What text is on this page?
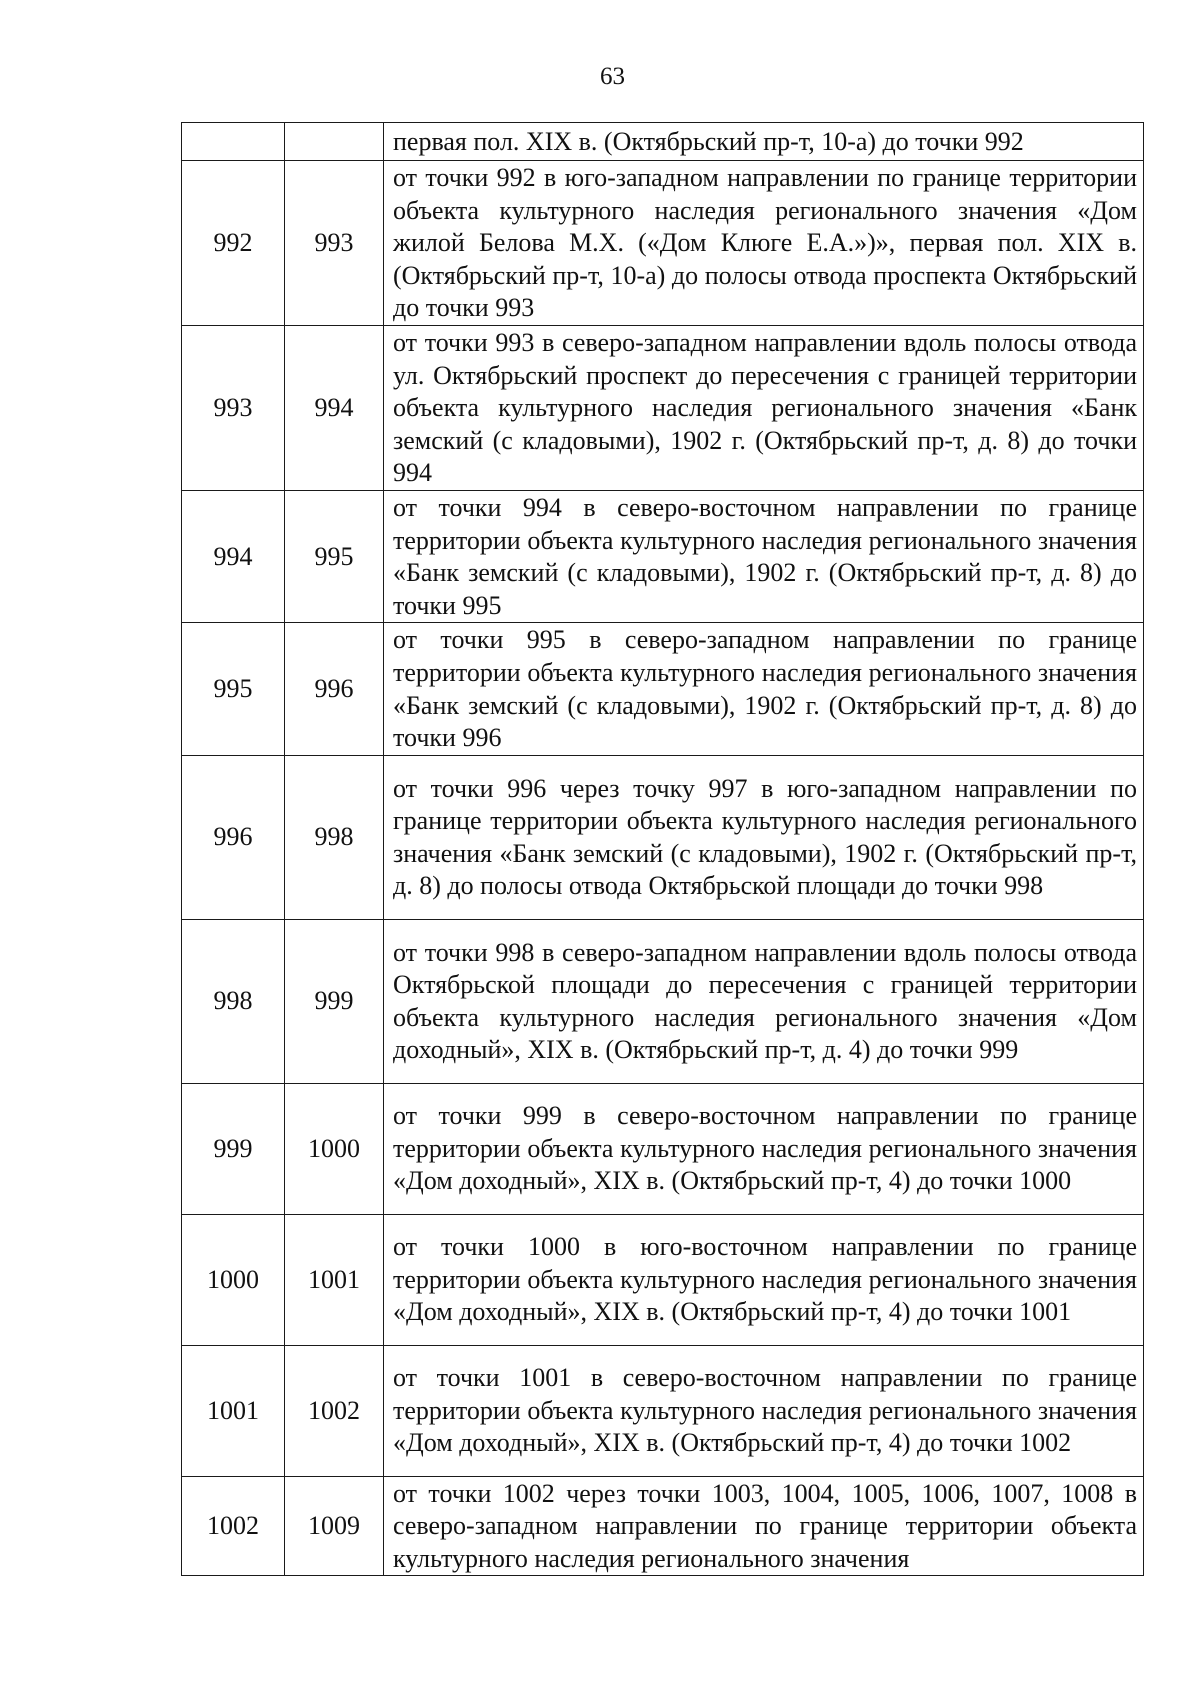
63
		первая пол. XIX в. (Октябрьский пр-т, 10-а) до точки 992
992	993	от точки 992 в юго-западном направлении по границе территории объекта культурного наследия регионального значения «Дом жилой Белова М.Х. («Дом Клюге Е.А.»)», первая пол. XIX в. (Октябрьский пр-т, 10-а) до полосы отвода проспекта Октябрьский до точки 993
993	994	от точки 993 в северо-западном направлении вдоль полосы отвода ул. Октябрьский проспект до пересечения с границей территории объекта культурного наследия регионального значения «Банк земский (с кладовыми), 1902 г. (Октябрьский пр-т, д. 8) до точки 994
994	995	от точки 994 в северо-восточном направлении по границе территории объекта культурного наследия регионального значения «Банк земский (с кладовыми), 1902 г. (Октябрьский пр-т, д. 8) до точки 995
995	996	от точки 995 в северо-западном направлении по границе территории объекта культурного наследия регионального значения «Банк земский (с кладовыми), 1902 г. (Октябрьский пр-т, д. 8) до точки 996
996	998	от точки 996 через точку 997 в юго-западном направлении по границе территории объекта культурного наследия регионального значения «Банк земский (с кладовыми), 1902 г. (Октябрьский пр-т, д. 8) до полосы отвода Октябрьской площади до точки 998
998	999	от точки 998 в северо-западном направлении вдоль полосы отвода Октябрьской площади до пересечения с границей территории объекта культурного наследия регионального значения «Дом доходный», XIX в. (Октябрьский пр-т, д. 4) до точки 999
999	1000	от точки 999 в северо-восточном направлении по границе территории объекта культурного наследия регионального значения «Дом доходный», XIX в. (Октябрьский пр-т, 4) до точки 1000
1000	1001	от точки 1000 в юго-восточном направлении по границе территории объекта культурного наследия регионального значения «Дом доходный», XIX в. (Октябрьский пр-т, 4) до точки 1001
1001	1002	от точки 1001 в северо-восточном направлении по границе территории объекта культурного наследия регионального значения «Дом доходный», XIX в. (Октябрьский пр-т, 4) до точки 1002
1002	1009	от точки 1002 через точки 1003, 1004, 1005, 1006, 1007, 1008 в северо-западном направлении по границе территории объекта культурного наследия регионального значения
